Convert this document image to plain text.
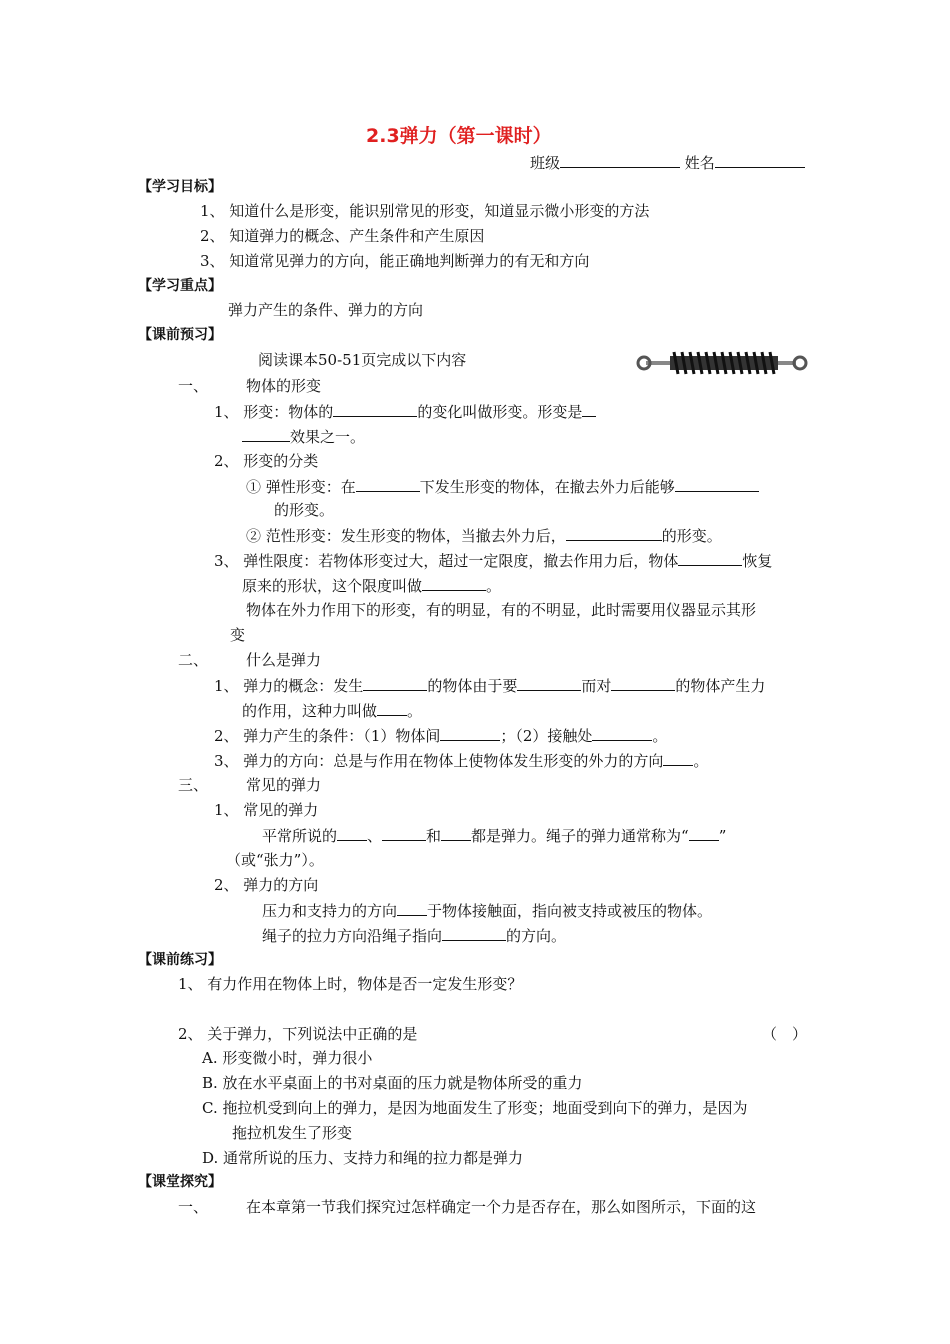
2.3弹力（第一课时）
班级	姓名
【学习目标】
1、 知道什么是形变，能识别常见的形变，知道显示微小形变的方法
2、 知道弹力的概念、产生条件和产生原因
3、 知道常见弹力的方向，能正确地判断弹力的有无和方向
【学习重点】
弹力产生的条件、弹力的方向
【课前预习】
阅读课本50-51页完成以下内容
一、	物体的形变
1、 形变：物体的	的变化叫做形变。形变是
效果之一。
2、 形变的分类
① 弹性形变：在	下发生形变的物体，在撤去外力后能够
的形变。
② 范性形变：发生形变的物体，当撤去外力后，	的形变。
3、 弹性限度：若物体形变过大，超过一定限度，撤去作用力后，物体	恢复
原来的形状，这个限度叫做	。
物体在外力作用下的形变，有的明显，有的不明显，此时需要用仪器显示其形
变
二、	什么是弹力
1、 弹力的概念：发生	的物体由于要	而对	的物体产生力
的作用，这种力叫做 。
2、 弹力产生的条件：（1）物体间	；（2）接触处	。
3、 弹力的方向：总是与作用在物体上使物体发生形变的外力的方向 。
三、	常见的弹力
1、 常见的弹力
平常所说的 、	和 都是弹力。绳子的弹力通常称为“ ”
（或“张力”）。
2、 弹力的方向
压力和支持力的方向 于物体接触面，指向被支持或被压的物体。
绳子的拉力方向沿绳子指向	的方向。
【课前练习】
1、 有力作用在物体上时，物体是否一定发生形变？
2、 关于弹力，下列说法中正确的是	（　）
A. 形变微小时，弹力很小
B. 放在水平桌面上的书对桌面的压力就是物体所受的重力
C. 拖拉机受到向上的弹力，是因为地面发生了形变；地面受到向下的弹力，是因为
拖拉机发生了形变
D. 通常所说的压力、支持力和绳的拉力都是弹力
【课堂探究】
一、	在本章第一节我们探究过怎样确定一个力是否存在，那么如图所示，下面的这
